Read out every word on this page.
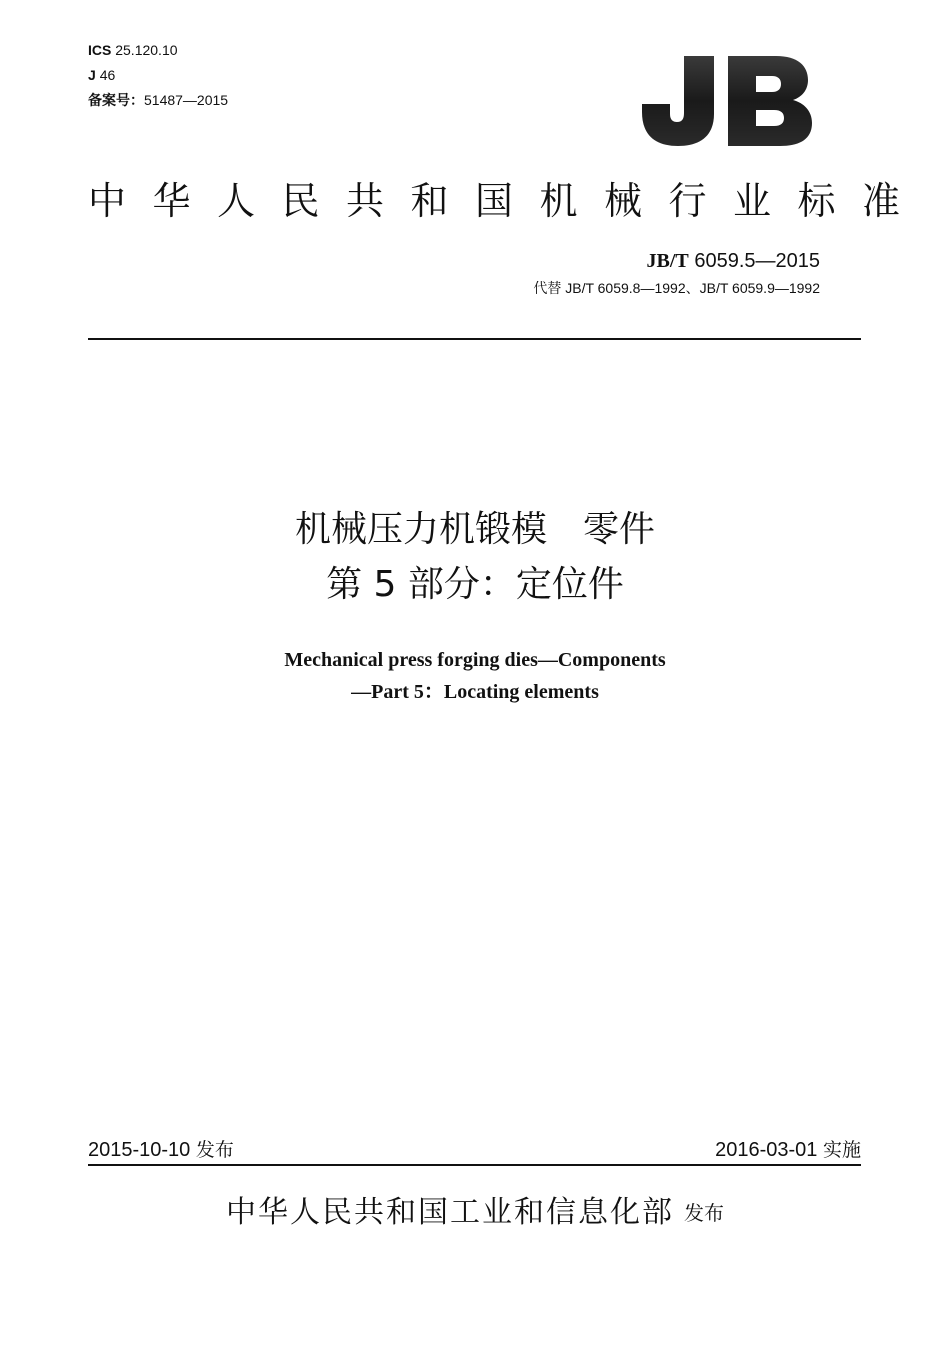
ICS 25.120.10
J 46
备案号：51487—2015
JB
中华人民共和国机械行业标准
JB/T 6059.5—2015
代替 JB/T 6059.8—1992、JB/T 6059.9—1992
机械压力机锻模　零件
第 5 部分：定位件
Mechanical press forging dies—Components
—Part 5：Locating elements
2015-10-10 发布	2016-03-01 实施
中华人民共和国工业和信息化部 发布
